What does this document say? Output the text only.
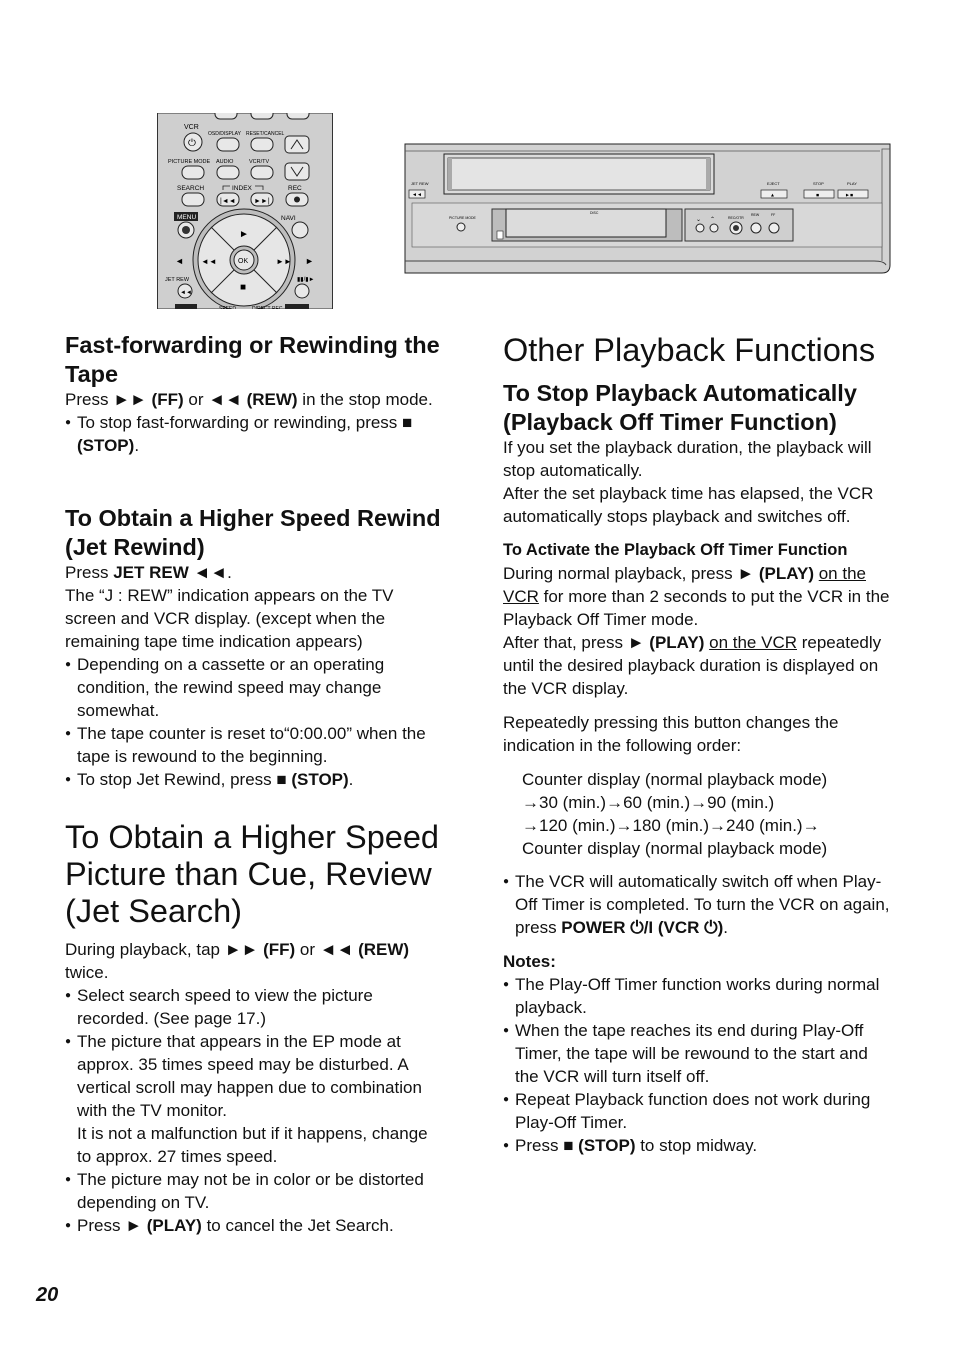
VCR
⏻
OSD/DISPLAY RESET/CANCEL
PICTURE MODE AUDIO	VCR/TV
SEARCH	INDEX	REC
|◄◄	►►|
MENU	NAVI
OK
►
◄◄	►►
■
◄	►
JET REW
◄◄
▮▮/▮►
SPEED	DIRECT REC
JET REW
◄◄
EJECT	STOP	PLAY
▲	■	►■
PICTURE MODE
DISC
⌄ ⌃	REC/OTR
REW	FF
Fast-forwarding or Rewinding the Tape

Press ►► (FF) or ◄◄ (REW) in the stop mode.

● To stop fast-forwarding or rewinding, press ■ (STOP).

To Obtain a Higher Speed Rewind (Jet Rewind)

Press JET REW ◄◄.

The “J : REW” indication appears on the TV screen and VCR display. (except when the remaining tape time indication appears)

● Depending on a cassette or an operating condition, the rewind speed may change somewhat.

● The tape counter is reset to“0:00.00” when the tape is rewound to the beginning.

● To stop Jet Rewind, press ■ (STOP).

To Obtain a Higher Speed Picture than Cue, Review (Jet Search)

During playback, tap ►► (FF) or ◄◄ (REW) twice.

● Select search speed to view the picture recorded. (See page 17.)

● The picture that appears in the EP mode at approx. 35 times speed may be disturbed. A vertical scroll may happen due to combination with the TV monitor.

It is not a malfunction but if it happens, change to approx. 27 times speed.

● The picture may not be in color or be distorted depending on TV.

● Press ► (PLAY) to cancel the Jet Search.

Other Playback Functions
To Stop Playback Automatically (Playback Off Timer Function)

If you set the playback duration, the playback will stop automatically.

After the set playback time has elapsed, the VCR automatically stops playback and switches off.

To Activate the Playback Off Timer Function

During normal playback, press ► (PLAY) on the VCR for more than 2 seconds to put the VCR in the Playback Off Timer mode.

After that, press ► (PLAY) on the VCR repeatedly until the desired playback duration is displayed on the VCR display.

Repeatedly pressing this button changes the indication in the following order:

Counter display (normal playback mode)

→30 (min.)→60 (min.)→90 (min.)

→120 (min.)→180 (min.)→240 (min.)→

Counter display (normal playback mode)

● The VCR will automatically switch off when Play-Off Timer is completed. To turn the VCR on again, press POWER ⏻/I (VCR ⏻).

Notes:

● The Play-Off Timer function works during normal playback.

● When the tape reaches its end during Play-Off Timer, the tape will be rewound to the start and the VCR will turn itself off.

● Repeat Playback function does not work during Play-Off Timer.

● Press ■ (STOP) to stop midway.

20
